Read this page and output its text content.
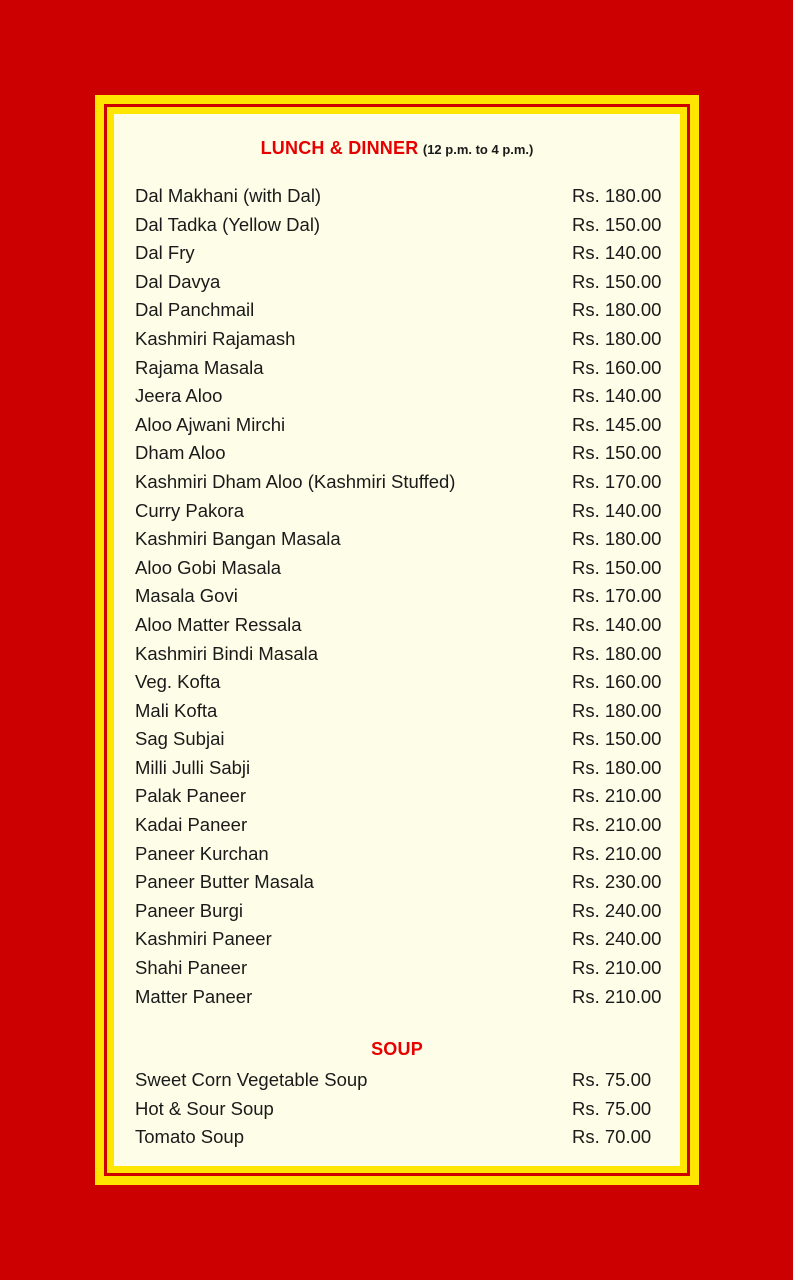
LUNCH & DINNER (12 p.m. to 4 p.m.)
Dal Makhani (with Dal)	Rs. 180.00
Dal Tadka (Yellow Dal)	Rs. 150.00
Dal Fry	Rs. 140.00
Dal Davya	Rs. 150.00
Dal Panchmail	Rs. 180.00
Kashmiri Rajamash	Rs. 180.00
Rajama Masala	Rs. 160.00
Jeera Aloo	Rs. 140.00
Aloo Ajwani Mirchi	Rs. 145.00
Dham Aloo	Rs. 150.00
Kashmiri Dham Aloo (Kashmiri Stuffed)	Rs. 170.00
Curry Pakora	Rs. 140.00
Kashmiri Bangan Masala	Rs. 180.00
Aloo Gobi Masala	Rs. 150.00
Masala Govi	Rs. 170.00
Aloo Matter Ressala	Rs. 140.00
Kashmiri Bindi Masala	Rs. 180.00
Veg. Kofta	Rs. 160.00
Mali Kofta	Rs. 180.00
Sag Subjai	Rs. 150.00
Milli Julli Sabji	Rs. 180.00
Palak Paneer	Rs. 210.00
Kadai Paneer	Rs. 210.00
Paneer Kurchan	Rs. 210.00
Paneer Butter Masala	Rs. 230.00
Paneer Burgi	Rs. 240.00
Kashmiri Paneer	Rs. 240.00
Shahi Paneer	Rs. 210.00
Matter Paneer	Rs. 210.00
SOUP
Sweet Corn Vegetable Soup	Rs. 75.00
Hot & Sour Soup	Rs. 75.00
Tomato Soup	Rs. 70.00
